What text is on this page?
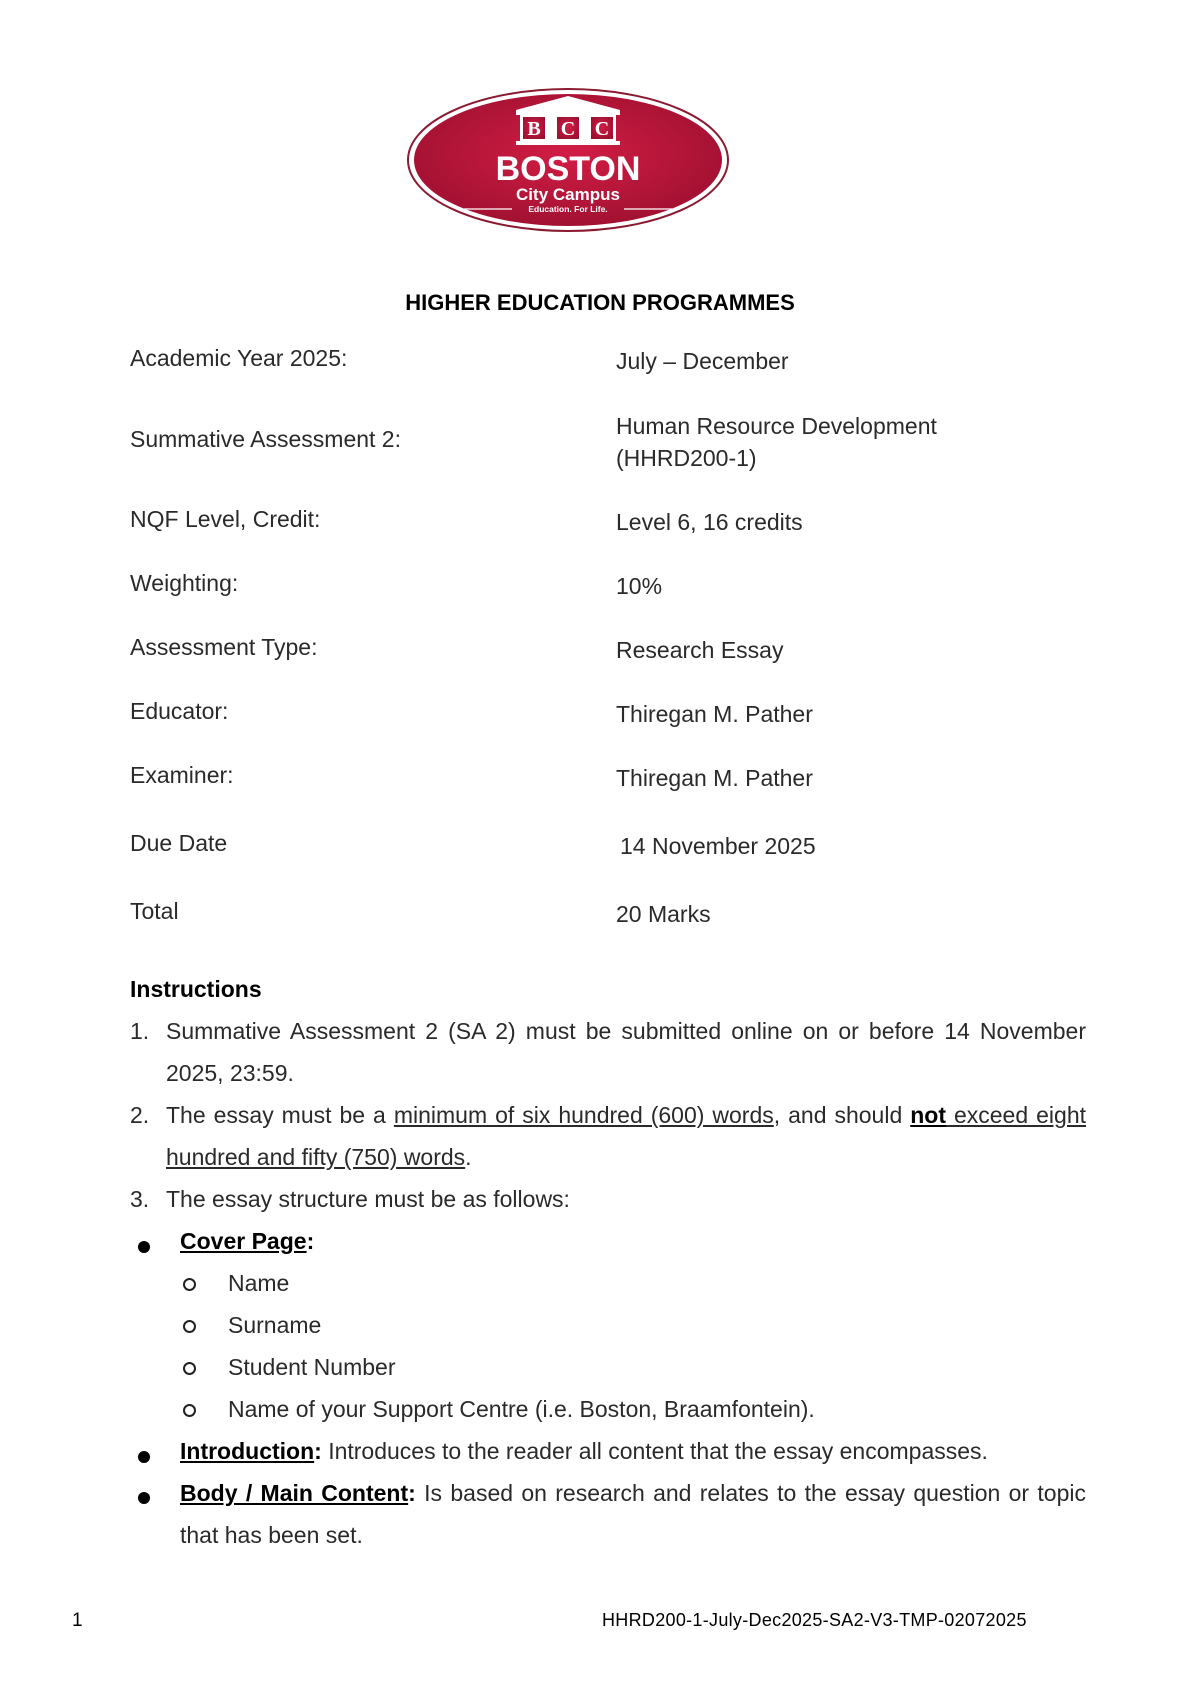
B C C
BOSTON
City Campus
Education. For Life.
HIGHER EDUCATION PROGRAMMES
Academic Year 2025:	July – December
Summative Assessment 2:	Human Resource Development (HHRD200-1)
NQF Level, Credit:	Level 6, 16 credits
Weighting:	10%
Assessment Type:	Research Essay
Educator:	Thiregan M. Pather
Examiner:	Thiregan M. Pather
Due Date	14 November 2025
Total	20 Marks
Instructions
1. Summative Assessment 2 (SA 2) must be submitted online on or before 14 November 2025, 23:59.
2. The essay must be a minimum of six hundred (600) words, and should not exceed eight hundred and fifty (750) words.
3. The essay structure must be as follows:
Cover Page:
Name
Surname
Student Number
Name of your Support Centre (i.e. Boston, Braamfontein).
Introduction: Introduces to the reader all content that the essay encompasses.
Body / Main Content: Is based on research and relates to the essay question or topic that has been set.
1	HHRD200-1-July-Dec2025-SA2-V3-TMP-02072025
